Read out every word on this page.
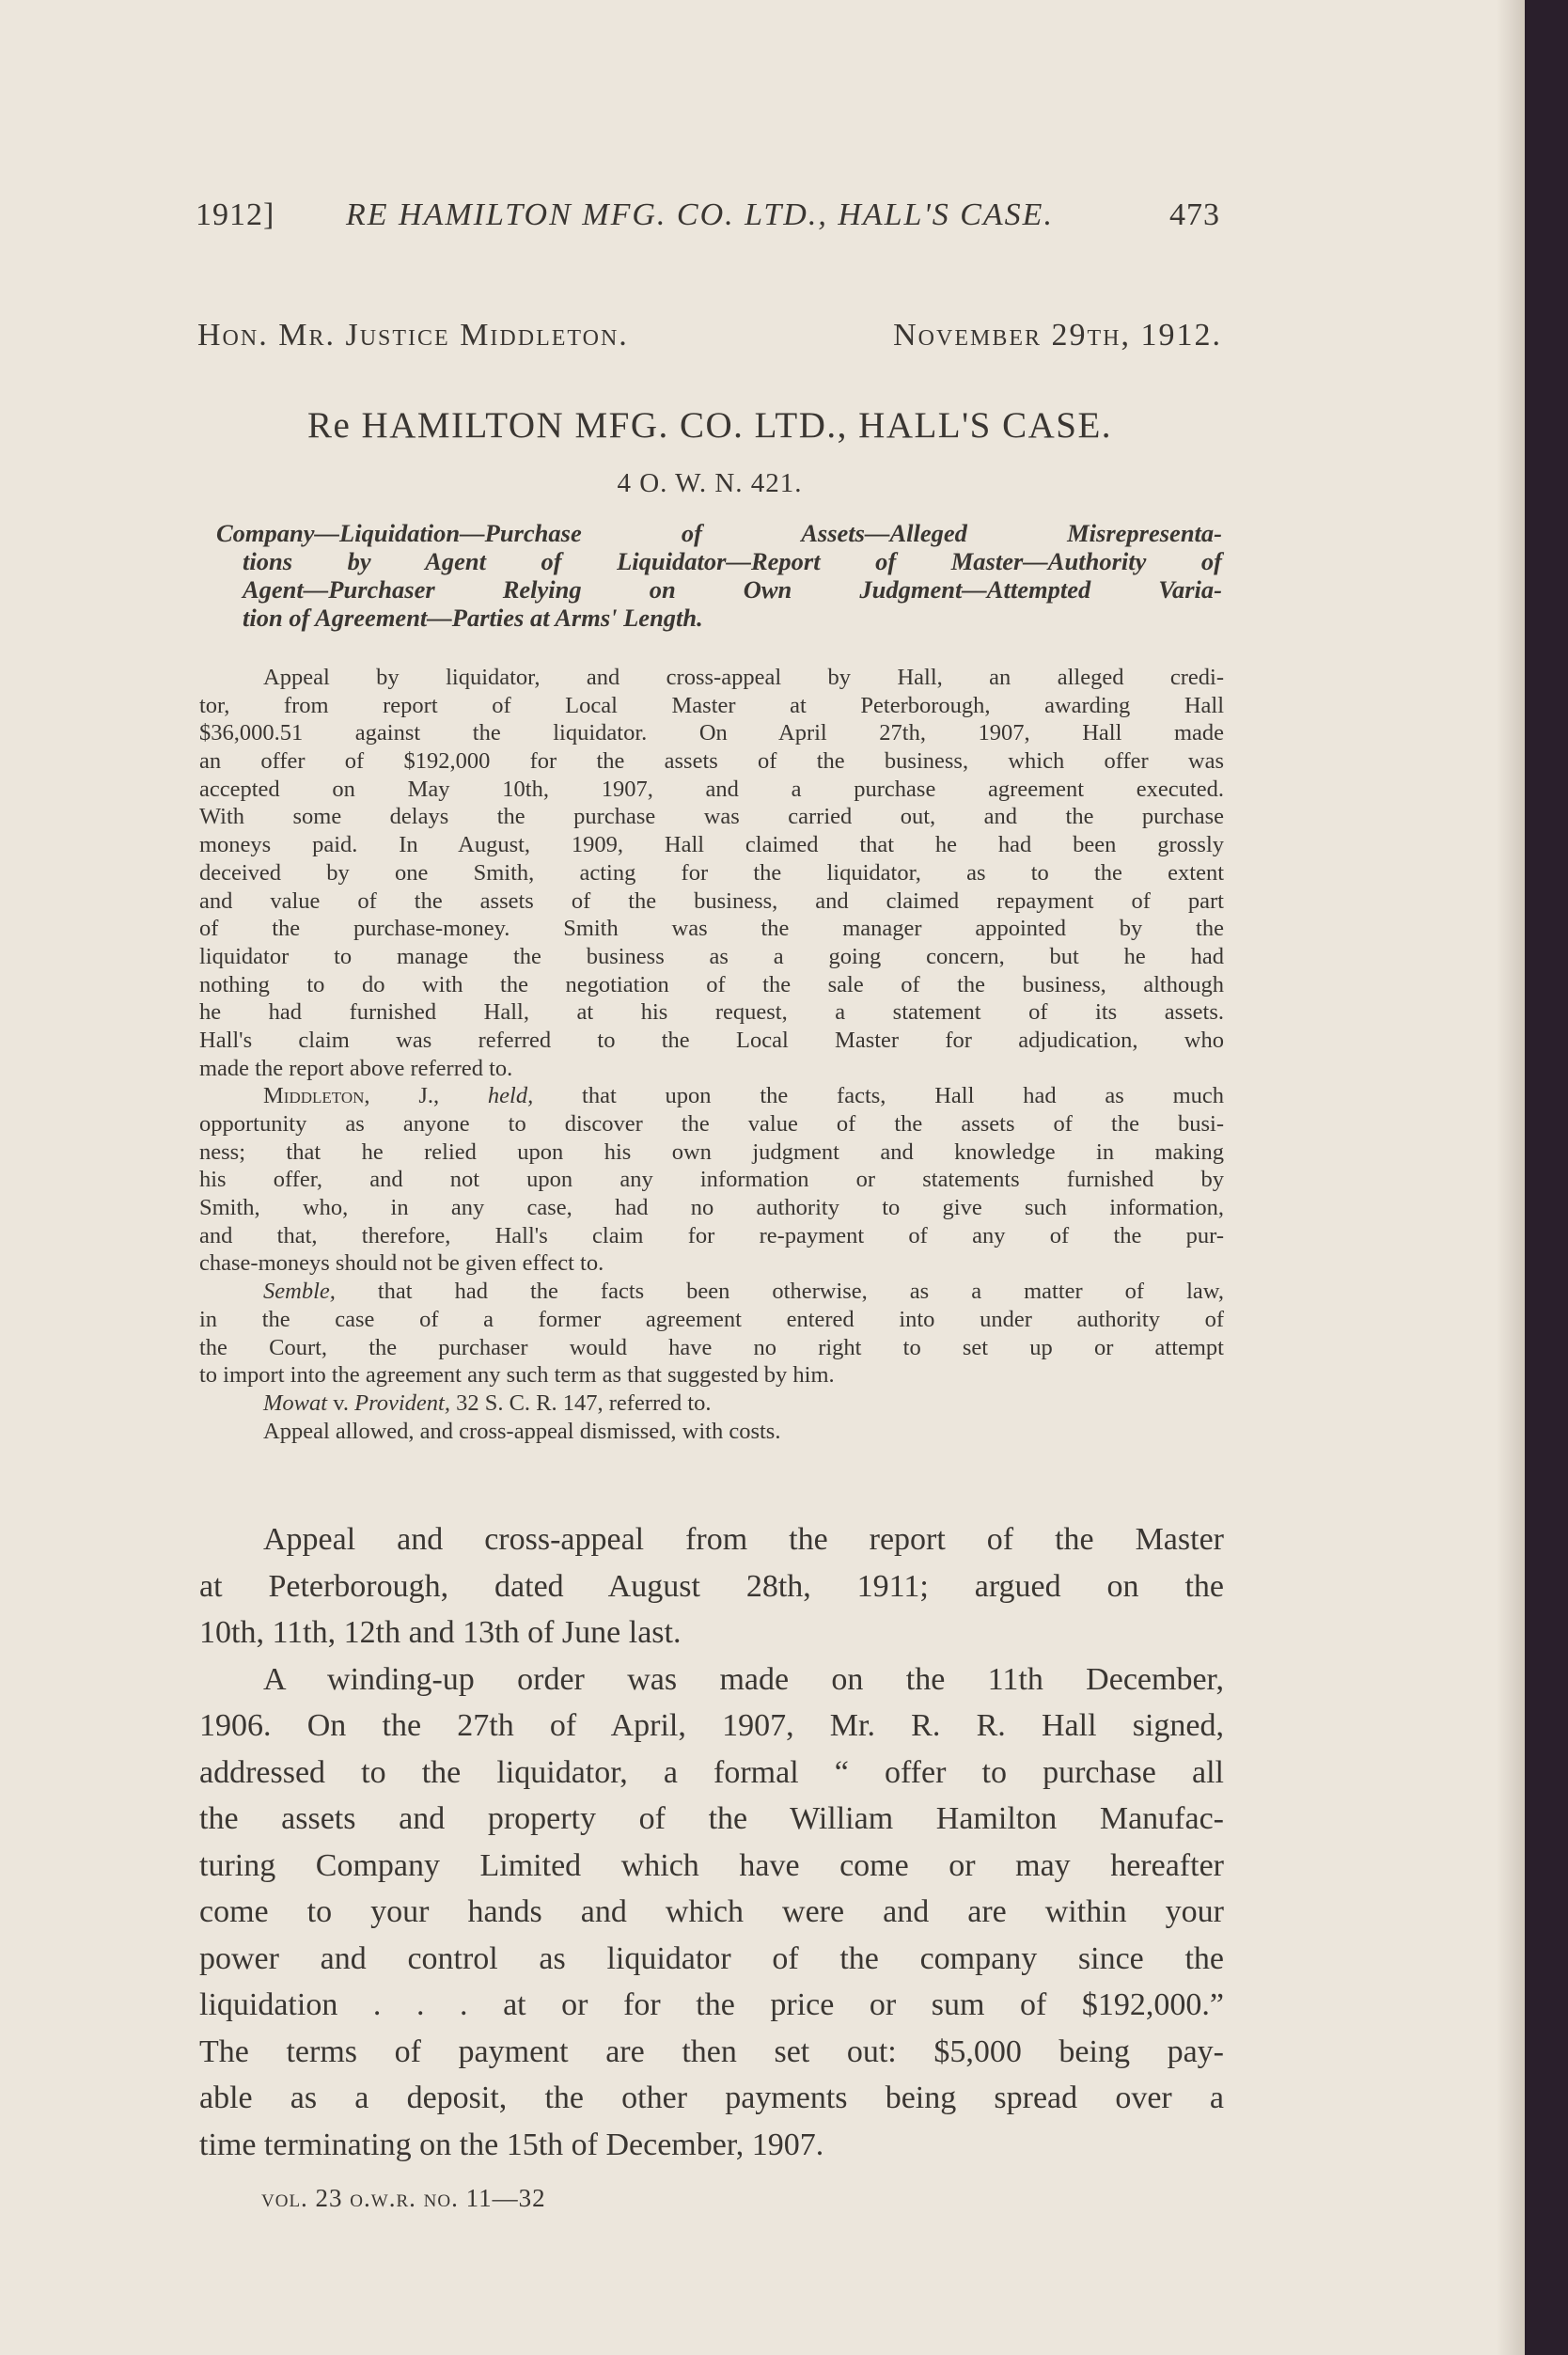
1912] RE HAMILTON MFG. CO. LTD., HALL'S CASE.	473
Hon. Mr. Justice Middleton.	November 29th, 1912.
Re HAMILTON MFG. CO. LTD., HALL'S CASE.
4 O. W. N. 421.
Company—Liquidation—Purchase of Assets—Alleged Misrepresenta-
tions by Agent of Liquidator—Report of Master—Authority of
Agent—Purchaser Relying on Own Judgment—Attempted Varia-
tion of Agreement—Parties at Arms' Length.
Appeal by liquidator, and cross-appeal by Hall, an alleged credi-
tor, from report of Local Master at Peterborough, awarding Hall
$36,000.51 against the liquidator. On April 27th, 1907, Hall made
an offer of $192,000 for the assets of the business, which offer was
accepted on May 10th, 1907, and a purchase agreement executed.
With some delays the purchase was carried out, and the purchase
moneys paid. In August, 1909, Hall claimed that he had been grossly
deceived by one Smith, acting for the liquidator, as to the extent
and value of the assets of the business, and claimed repayment of part
of the purchase-money. Smith was the manager appointed by the
liquidator to manage the business as a going concern, but he had
nothing to do with the negotiation of the sale of the business, although
he had furnished Hall, at his request, a statement of its assets.
Hall's claim was referred to the Local Master for adjudication, who
made the report above referred to.
Middleton, J., held, that upon the facts, Hall had as much
opportunity as anyone to discover the value of the assets of the busi-
ness; that he relied upon his own judgment and knowledge in making
his offer, and not upon any information or statements furnished by
Smith, who, in any case, had no authority to give such information,
and that, therefore, Hall's claim for re-payment of any of the pur-
chase-moneys should not be given effect to.
Semble, that had the facts been otherwise, as a matter of law,
in the case of a former agreement entered into under authority of
the Court, the purchaser would have no right to set up or attempt
to import into the agreement any such term as that suggested by him.
Mowat v. Provident, 32 S. C. R. 147, referred to.
Appeal allowed, and cross-appeal dismissed, with costs.
Appeal and cross-appeal from the report of the Master
at Peterborough, dated August 28th, 1911; argued on the
10th, 11th, 12th and 13th of June last.
A winding-up order was made on the 11th December,
1906. On the 27th of April, 1907, Mr. R. R. Hall signed,
addressed to the liquidator, a formal “ offer to purchase all
the assets and property of the William Hamilton Manufac-
turing Company Limited which have come or may hereafter
come to your hands and which were and are within your
power and control as liquidator of the company since the
liquidation . . . at or for the price or sum of $192,000.”
The terms of payment are then set out: $5,000 being pay-
able as a deposit, the other payments being spread over a
time terminating on the 15th of December, 1907.
vol. 23 o.w.r. no. 11—32
